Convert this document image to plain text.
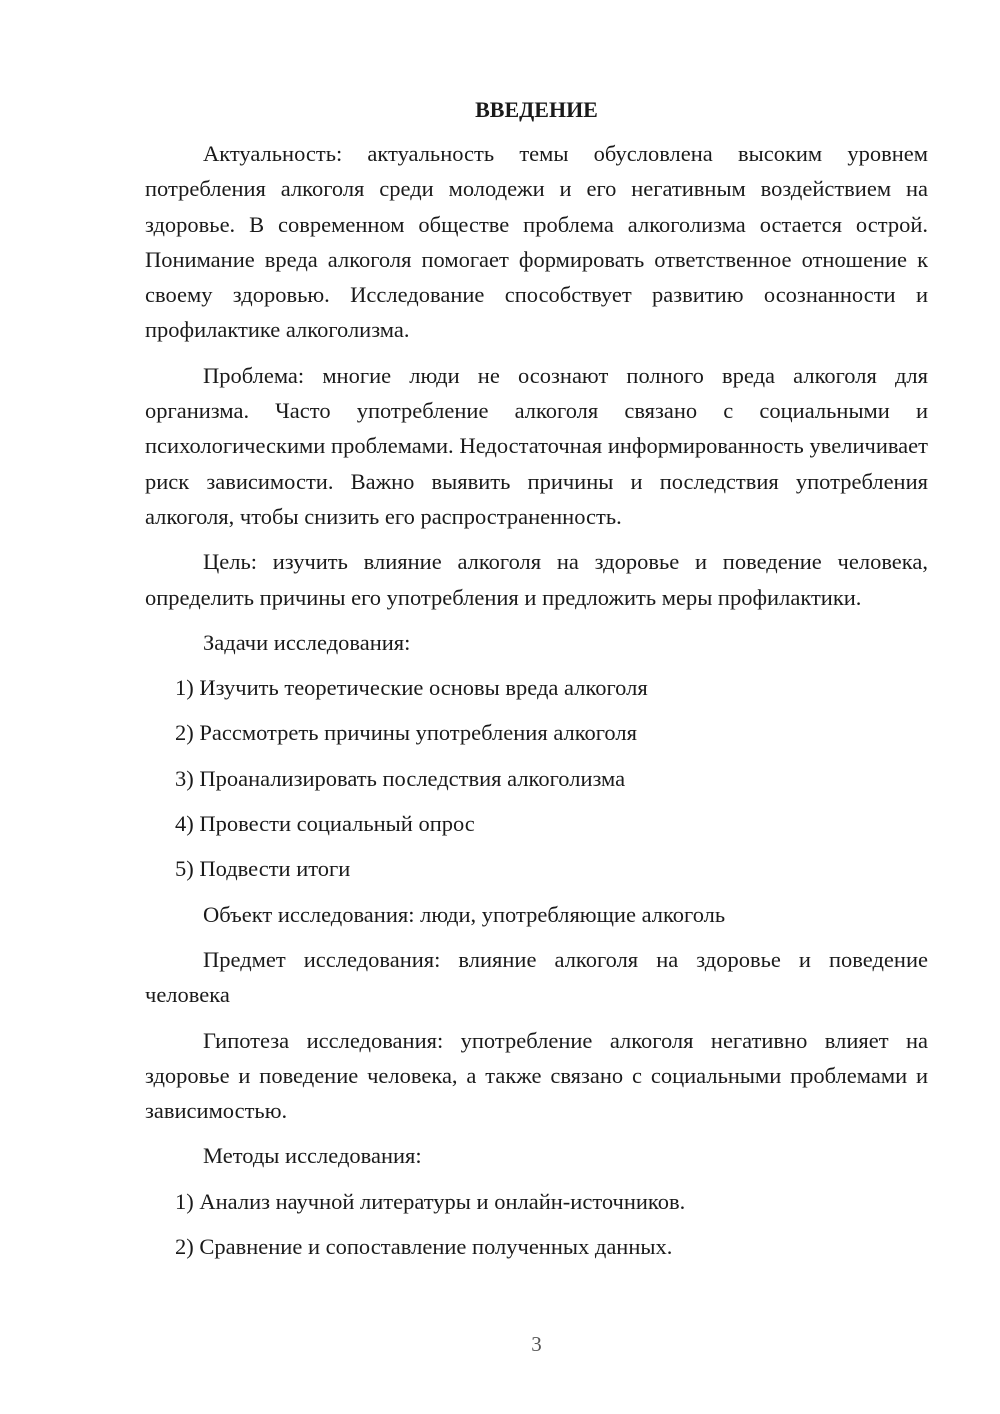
ВВЕДЕНИЕ

Актуальность: актуальность темы обусловлена высоким уровнем потребления алкоголя среди молодежи и его негативным воздействием на здоровье. В современном обществе проблема алкоголизма остается острой. Понимание вреда алкоголя помогает формировать ответственное отношение к своему здоровью. Исследование способствует развитию осознанности и профилактике алкоголизма.

Проблема: многие люди не осознают полного вреда алкоголя для организма. Часто употребление алкоголя связано с социальными и психологическими проблемами. Недостаточная информированность увеличивает риск зависимости. Важно выявить причины и последствия употребления алкоголя, чтобы снизить его распространенность.

Цель: изучить влияние алкоголя на здоровье и поведение человека, определить причины его употребления и предложить меры профилактики.

Задачи исследования:
1) Изучить теоретические основы вреда алкоголя
2) Рассмотреть причины употребления алкоголя
3) Проанализировать последствия алкоголизма
4) Провести социальный опрос
5) Подвести итоги
Объект исследования: люди, употребляющие алкоголь

Предмет исследования: влияние алкоголя на здоровье и поведение человека

Гипотеза исследования: употребление алкоголя негативно влияет на здоровье и поведение человека, а также связано с социальными проблемами и зависимостью.

Методы исследования:
1) Анализ научной литературы и онлайн-источников.
2) Сравнение и сопоставление полученных данных.
3
